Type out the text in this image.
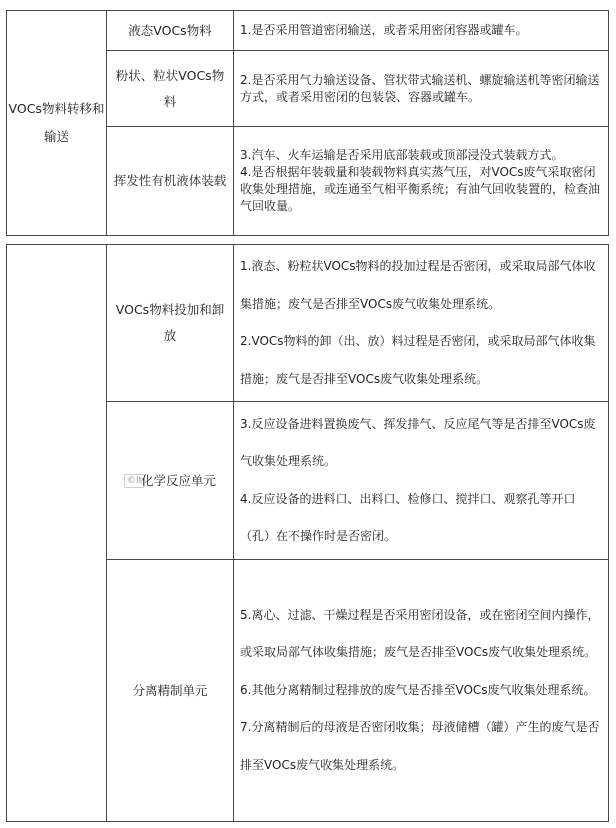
VOCs物料转移和输送	液态VOCs物料	1.是否采用管道密闭输送，或者采用密闭容器或罐车。

	粉状、粒状VOCs物料	2.是否采用气力输送设备、管状带式输送机、螺旋输送机等密闭输送方式，或者采用密闭的包装袋、容器或罐车。

	挥发性有机液体装载	3.汽车、火车运输是否采用底部装载或顶部浸没式装载方式。
4.是否根据年装载量和装载物料真实蒸气压，对VOCs废气采取密闭收集处理措施，或连通至气相平衡系统；有油气回收装置的，检查油气回收量。
	VOCs物料投加和卸放	1.液态、粉粒状VOCs物料的投加过程是否密闭，或采取局部气体收集措施；废气是否排至VOCs废气收集处理系统。
2.VOCs物料的卸（出、放）料过程是否密闭，或采取局部气体收集措施；废气是否排至VOCs废气收集处理系统。

	©lt化学反应单元	3.反应设备进料置换废气、挥发排气、反应尾气等是否排至VOCs废气收集处理系统。
4.反应设备的进料口、出料口、检修口、搅拌口、观察孔等开口（孔）在不操作时是否密闭。

	分离精制单元	5.离心、过滤、干燥过程是否采用密闭设备，或在密闭空间内操作，或采取局部气体收集措施；废气是否排至VOCs废气收集处理系统。
6.其他分离精制过程排放的废气是否排至VOCs废气收集处理系统。
7.分离精制后的母液是否密闭收集；母液储槽（罐）产生的废气是否排至VOCs废气收集处理系统。
